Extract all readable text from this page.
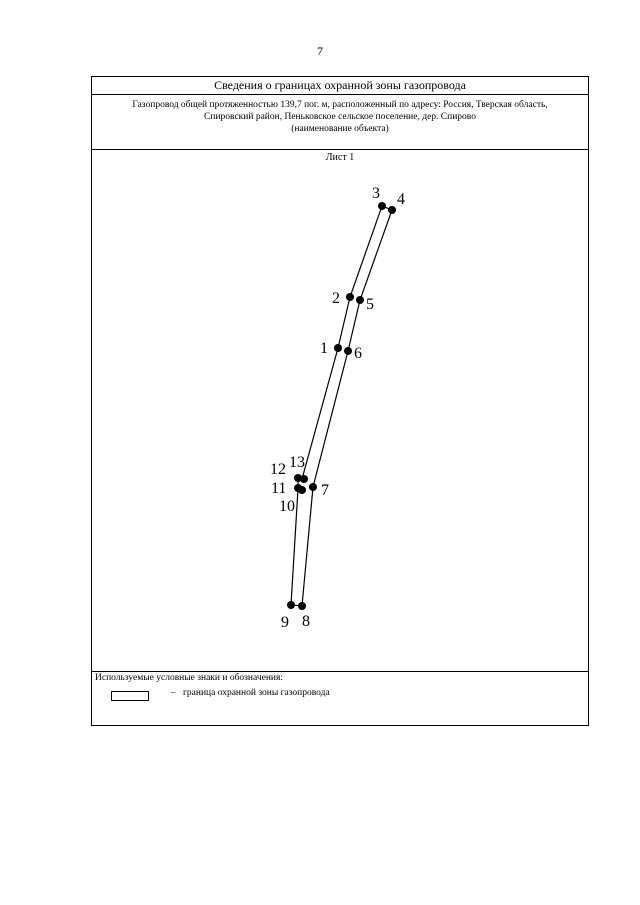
7
Сведения о границах охранной зоны газопровода
Газопровод общей протяженностью 139,7 пог. м, расположенный по адресу: Россия, Тверская область,
Спировский район, Пеньковское сельское поселение, дер. Спирово
(наименование объекта)
Лист 1
Используемые условные знаки и обозначения:
– граница охранной зоны газопровода
1
2
3 4
5
6
7
8
9
10
11
12 13
